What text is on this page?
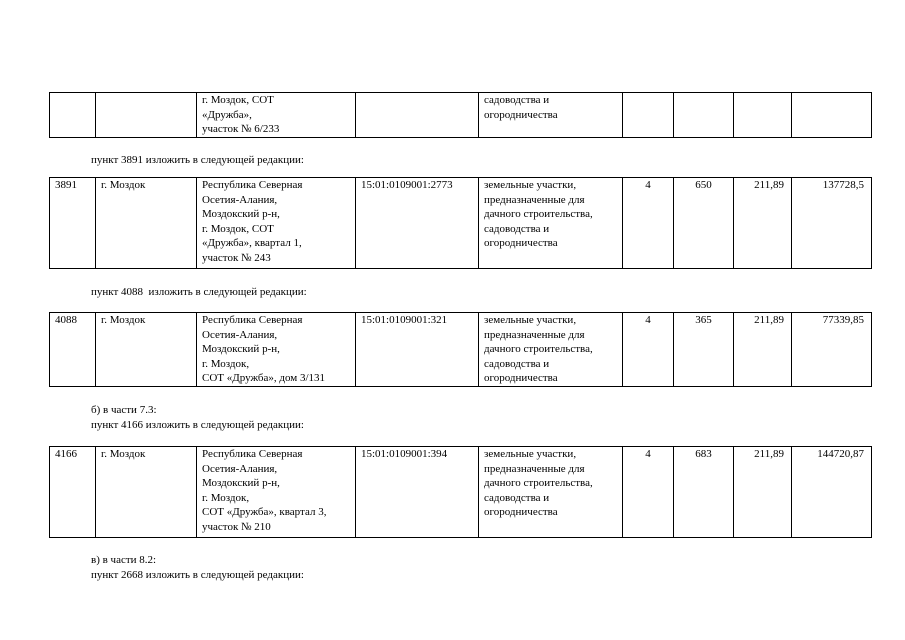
		г. Моздок, СОТ
«Дружба»,
участок № 6/233		садоводства и
огородничества				
пункт 3891 изложить в следующей редакции:
3891	г. Моздок	Республика Северная
Осетия-Алания,
Моздокский р-н,
г. Моздок, СОТ
«Дружба», квартал 1,
участок № 243	15:01:0109001:2773	земельные участки,
предназначенные для
дачного строительства,
садоводства и
огородничества	4	650	211,89	137728,5
пункт 4088  изложить в следующей редакции:
4088	г. Моздок	Республика Северная
Осетия-Алания,
Моздокский р-н,
г. Моздок,
СОТ «Дружба», дом 3/131	15:01:0109001:321	земельные участки,
предназначенные для
дачного строительства,
садоводства и
огородничества	4	365	211,89	77339,85
б) в части 7.3:
пункт 4166 изложить в следующей редакции:
4166	г. Моздок	Республика Северная
Осетия-Алания,
Моздокский р-н,
г. Моздок,
СОТ «Дружба», квартал 3,
участок № 210	15:01:0109001:394	земельные участки,
предназначенные для
дачного строительства,
садоводства и
огородничества	4	683	211,89	144720,87
в) в части 8.2:
пункт 2668 изложить в следующей редакции:
